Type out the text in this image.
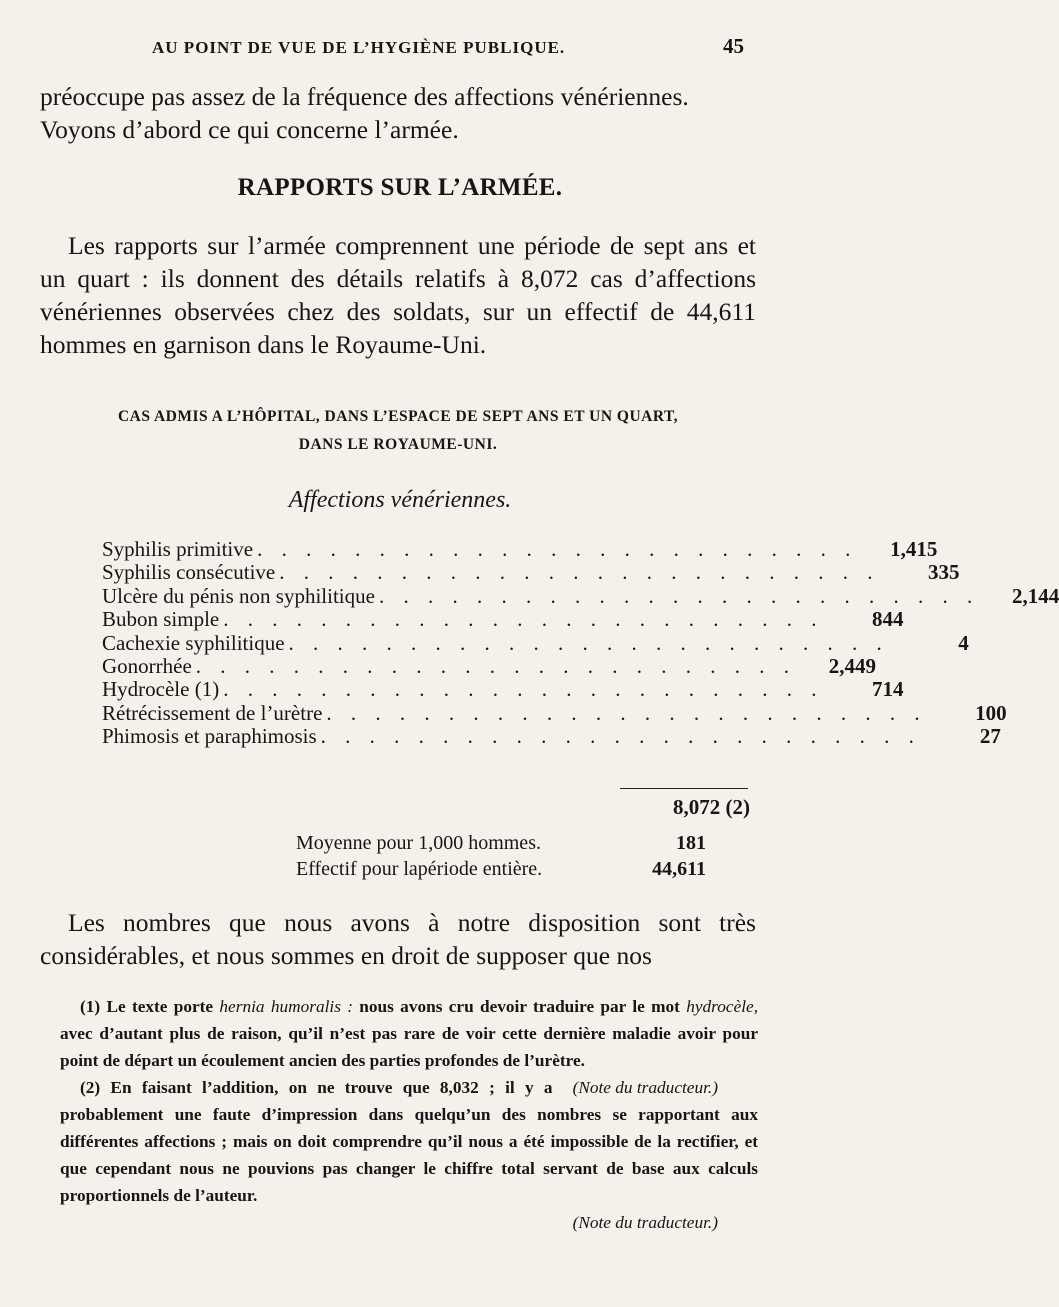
AU POINT DE VUE DE L’HYGIÈNE PUBLIQUE.	45
préoccupe pas assez de la fréquence des affections vénériennes.
Voyons d’abord ce qui concerne l’armée.
RAPPORTS SUR L’ARMÉE.
Les rapports sur l’armée comprennent une période de sept ans et un quart : ils donnent des détails relatifs à 8,072 cas d’affections vénériennes observées chez des soldats, sur un effectif de 44,611 hommes en garnison dans le Royaume-Uni.
CAS ADMIS A L’HÔPITAL, DANS L’ESPACE DE SEPT ANS ET UN QUART,
DANS LE ROYAUME-UNI.
Affections vénériennes.
Syphilis primitive . . . . . . . . . . . . . . . . . . . . . . . . .	1,415
Syphilis consécutive . . . . . . . . . . . . . . . . . . . . . . . . .	335
Ulcère du pénis non syphilitique . . . . . . . . . . . . . . . . . . . . . . . . .	2,144
Bubon simple . . . . . . . . . . . . . . . . . . . . . . . . .	844
Cachexie syphilitique . . . . . . . . . . . . . . . . . . . . . . . . .	4
Gonorrhée . . . . . . . . . . . . . . . . . . . . . . . . .	2,449
Hydrocèle (1) . . . . . . . . . . . . . . . . . . . . . . . . .	714
Rétrécissement de l’urètre . . . . . . . . . . . . . . . . . . . . . . . . .	100
Phimosis et paraphimosis . . . . . . . . . . . . . . . . . . . . . . . . .	27
8,072 (2)
Moyenne pour 1,000 hommes.	181
Effectif pour lapériode entière.	44,611
Les nombres que nous avons à notre disposition sont très considérables, et nous sommes en droit de supposer que nos

(1) Le texte porte hernia humoralis : nous avons cru devoir traduire par le mot hydrocèle, avec d’autant plus de raison, qu’il n’est pas rare de voir cette dernière maladie avoir pour point de départ un écoulement ancien des parties profondes de l’urètre.
(Note du traducteur.)

(2) En faisant l’addition, on ne trouve que 8,032 ; il y a probablement une faute d’impression dans quelqu’un des nombres se rapportant aux différentes affections ; mais on doit comprendre qu’il nous a été impossible de la rectifier, et que cependant nous ne pouvions pas changer le chiffre total servant de base aux calculs proportionnels de l’auteur.

(Note du traducteur.)
